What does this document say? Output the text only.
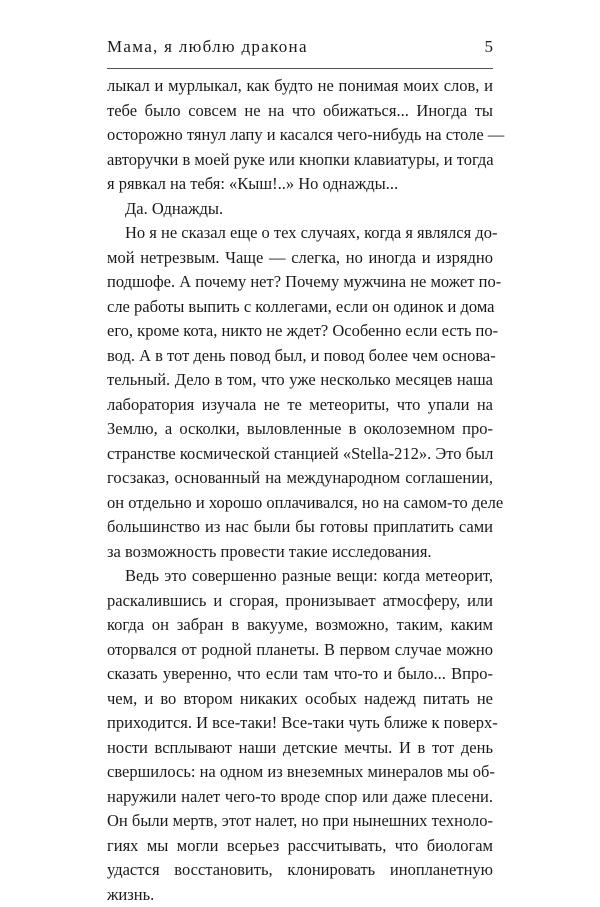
Мама, я люблю дракона	5
лыкал и мурлыкал, как будто не понимая моих слов, и
тебе было совсем не на что обижаться... Иногда ты
осторожно тянул лапу и касался чего-нибудь на столе —
авторучки в моей руке или кнопки клавиатуры, и тогда
я рявкал на тебя: «Кыш!..» Но однажды...
Да. Однажды.
Но я не сказал еще о тех случаях, когда я являлся до-
мой нетрезвым. Чаще — слегка, но иногда и изрядно
подшофе. А почему нет? Почему мужчина не может по-
сле работы выпить с коллегами, если он одинок и дома
его, кроме кота, никто не ждет? Особенно если есть по-
вод. А в тот день повод был, и повод более чем основа-
тельный. Дело в том, что уже несколько месяцев наша
лаборатория изучала не те метеориты, что упали на
Землю, а осколки, выловленные в околоземном про-
странстве космической станцией «Stella-212». Это был
госзаказ, основанный на международном соглашении,
он отдельно и хорошо оплачивался, но на самом-то деле
большинство из нас были бы готовы приплатить сами
за возможность провести такие исследования.
Ведь это совершенно разные вещи: когда метеорит,
раскалившись и сгорая, пронизывает атмосферу, или
когда он забран в вакууме, возможно, таким, каким
оторвался от родной планеты. В первом случае можно
сказать уверенно, что если там что-то и было... Впро-
чем, и во втором никаких особых надежд питать не
приходится. И все-таки! Все-таки чуть ближе к поверх-
ности всплывают наши детские мечты. И в тот день
свершилось: на одном из внеземных минералов мы об-
наружили налет чего-то вроде спор или даже плесени.
Он были мертв, этот налет, но при нынешних техноло-
гиях мы могли всерьез рассчитывать, что биологам
удастся восстановить, клонировать инопланетную
жизнь.
